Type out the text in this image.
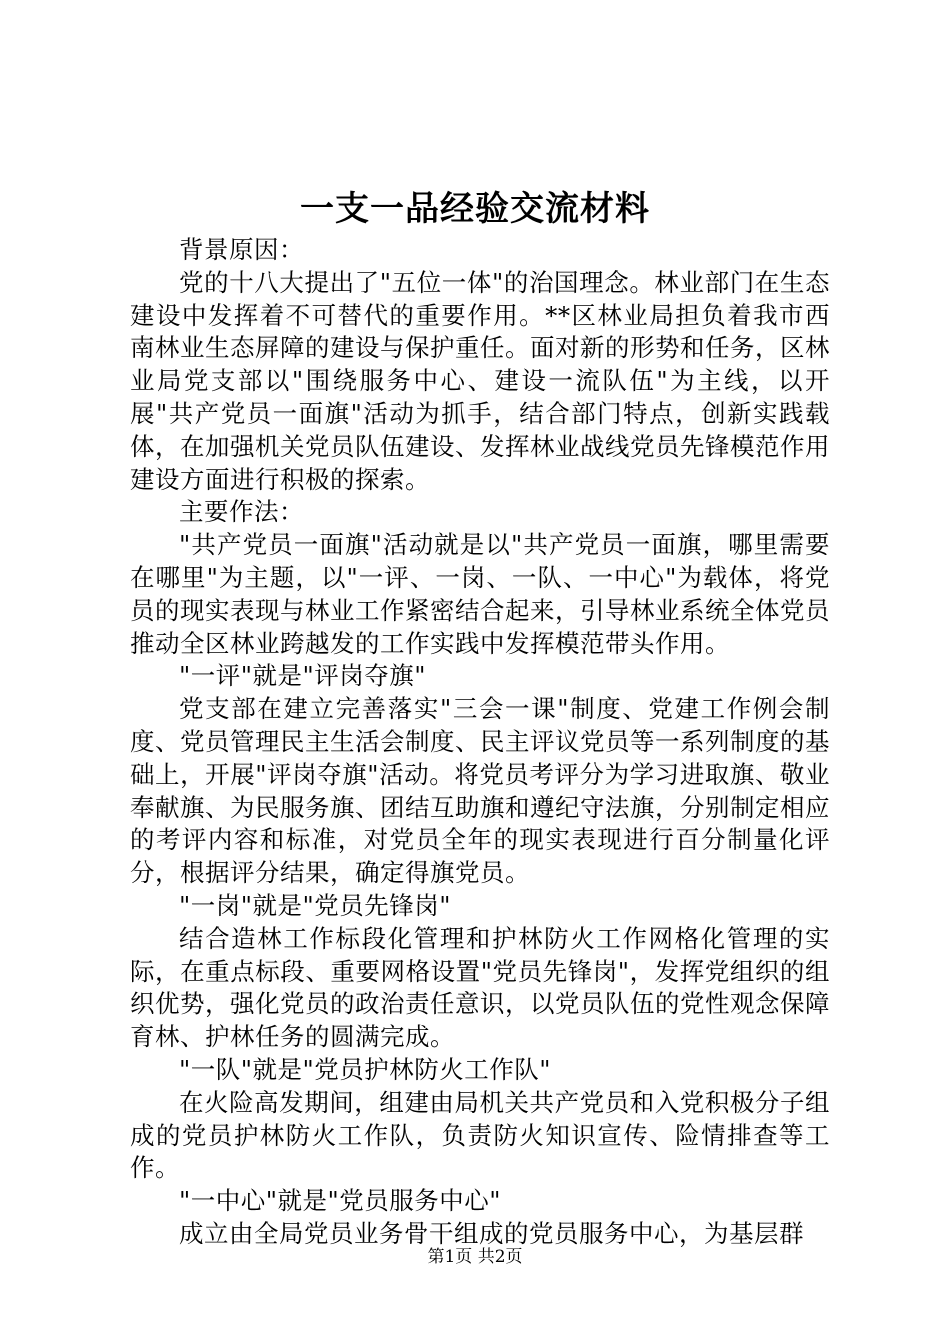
一支一品经验交流材料

背景原因：

党的十八大提出了"五位一体"的治国理念。林业部门在生态建设中发挥着不可替代的重要作用。**区林业局担负着我市西南林业生态屏障的建设与保护重任。面对新的形势和任务，区林业局党支部以"围绕服务中心、建设一流队伍"为主线，以开展"共产党员一面旗"活动为抓手，结合部门特点，创新实践载体，在加强机关党员队伍建设、发挥林业战线党员先锋模范作用建设方面进行积极的探索。

主要作法：

"共产党员一面旗"活动就是以"共产党员一面旗，哪里需要在哪里"为主题，以"一评、一岗、一队、一中心"为载体，将党员的现实表现与林业工作紧密结合起来，引导林业系统全体党员推动全区林业跨越发的工作实践中发挥模范带头作用。

"一评"就是"评岗夺旗"

党支部在建立完善落实"三会一课"制度、党建工作例会制度、党员管理民主生活会制度、民主评议党员等一系列制度的基础上，开展"评岗夺旗"活动。将党员考评分为学习进取旗、敬业奉献旗、为民服务旗、团结互助旗和遵纪守法旗，分别制定相应的考评内容和标准，对党员全年的现实表现进行百分制量化评分，根据评分结果，确定得旗党员。

"一岗"就是"党员先锋岗"

结合造林工作标段化管理和护林防火工作网格化管理的实际，在重点标段、重要网格设置"党员先锋岗"，发挥党组织的组织优势，强化党员的政治责任意识，以党员队伍的党性观念保障育林、护林任务的圆满完成。

"一队"就是"党员护林防火工作队"

在火险高发期间，组建由局机关共产党员和入党积极分子组成的党员护林防火工作队，负责防火知识宣传、险情排查等工作。

"一中心"就是"党员服务中心"

成立由全局党员业务骨干组成的党员服务中心，为基层群

第1页 共2页
